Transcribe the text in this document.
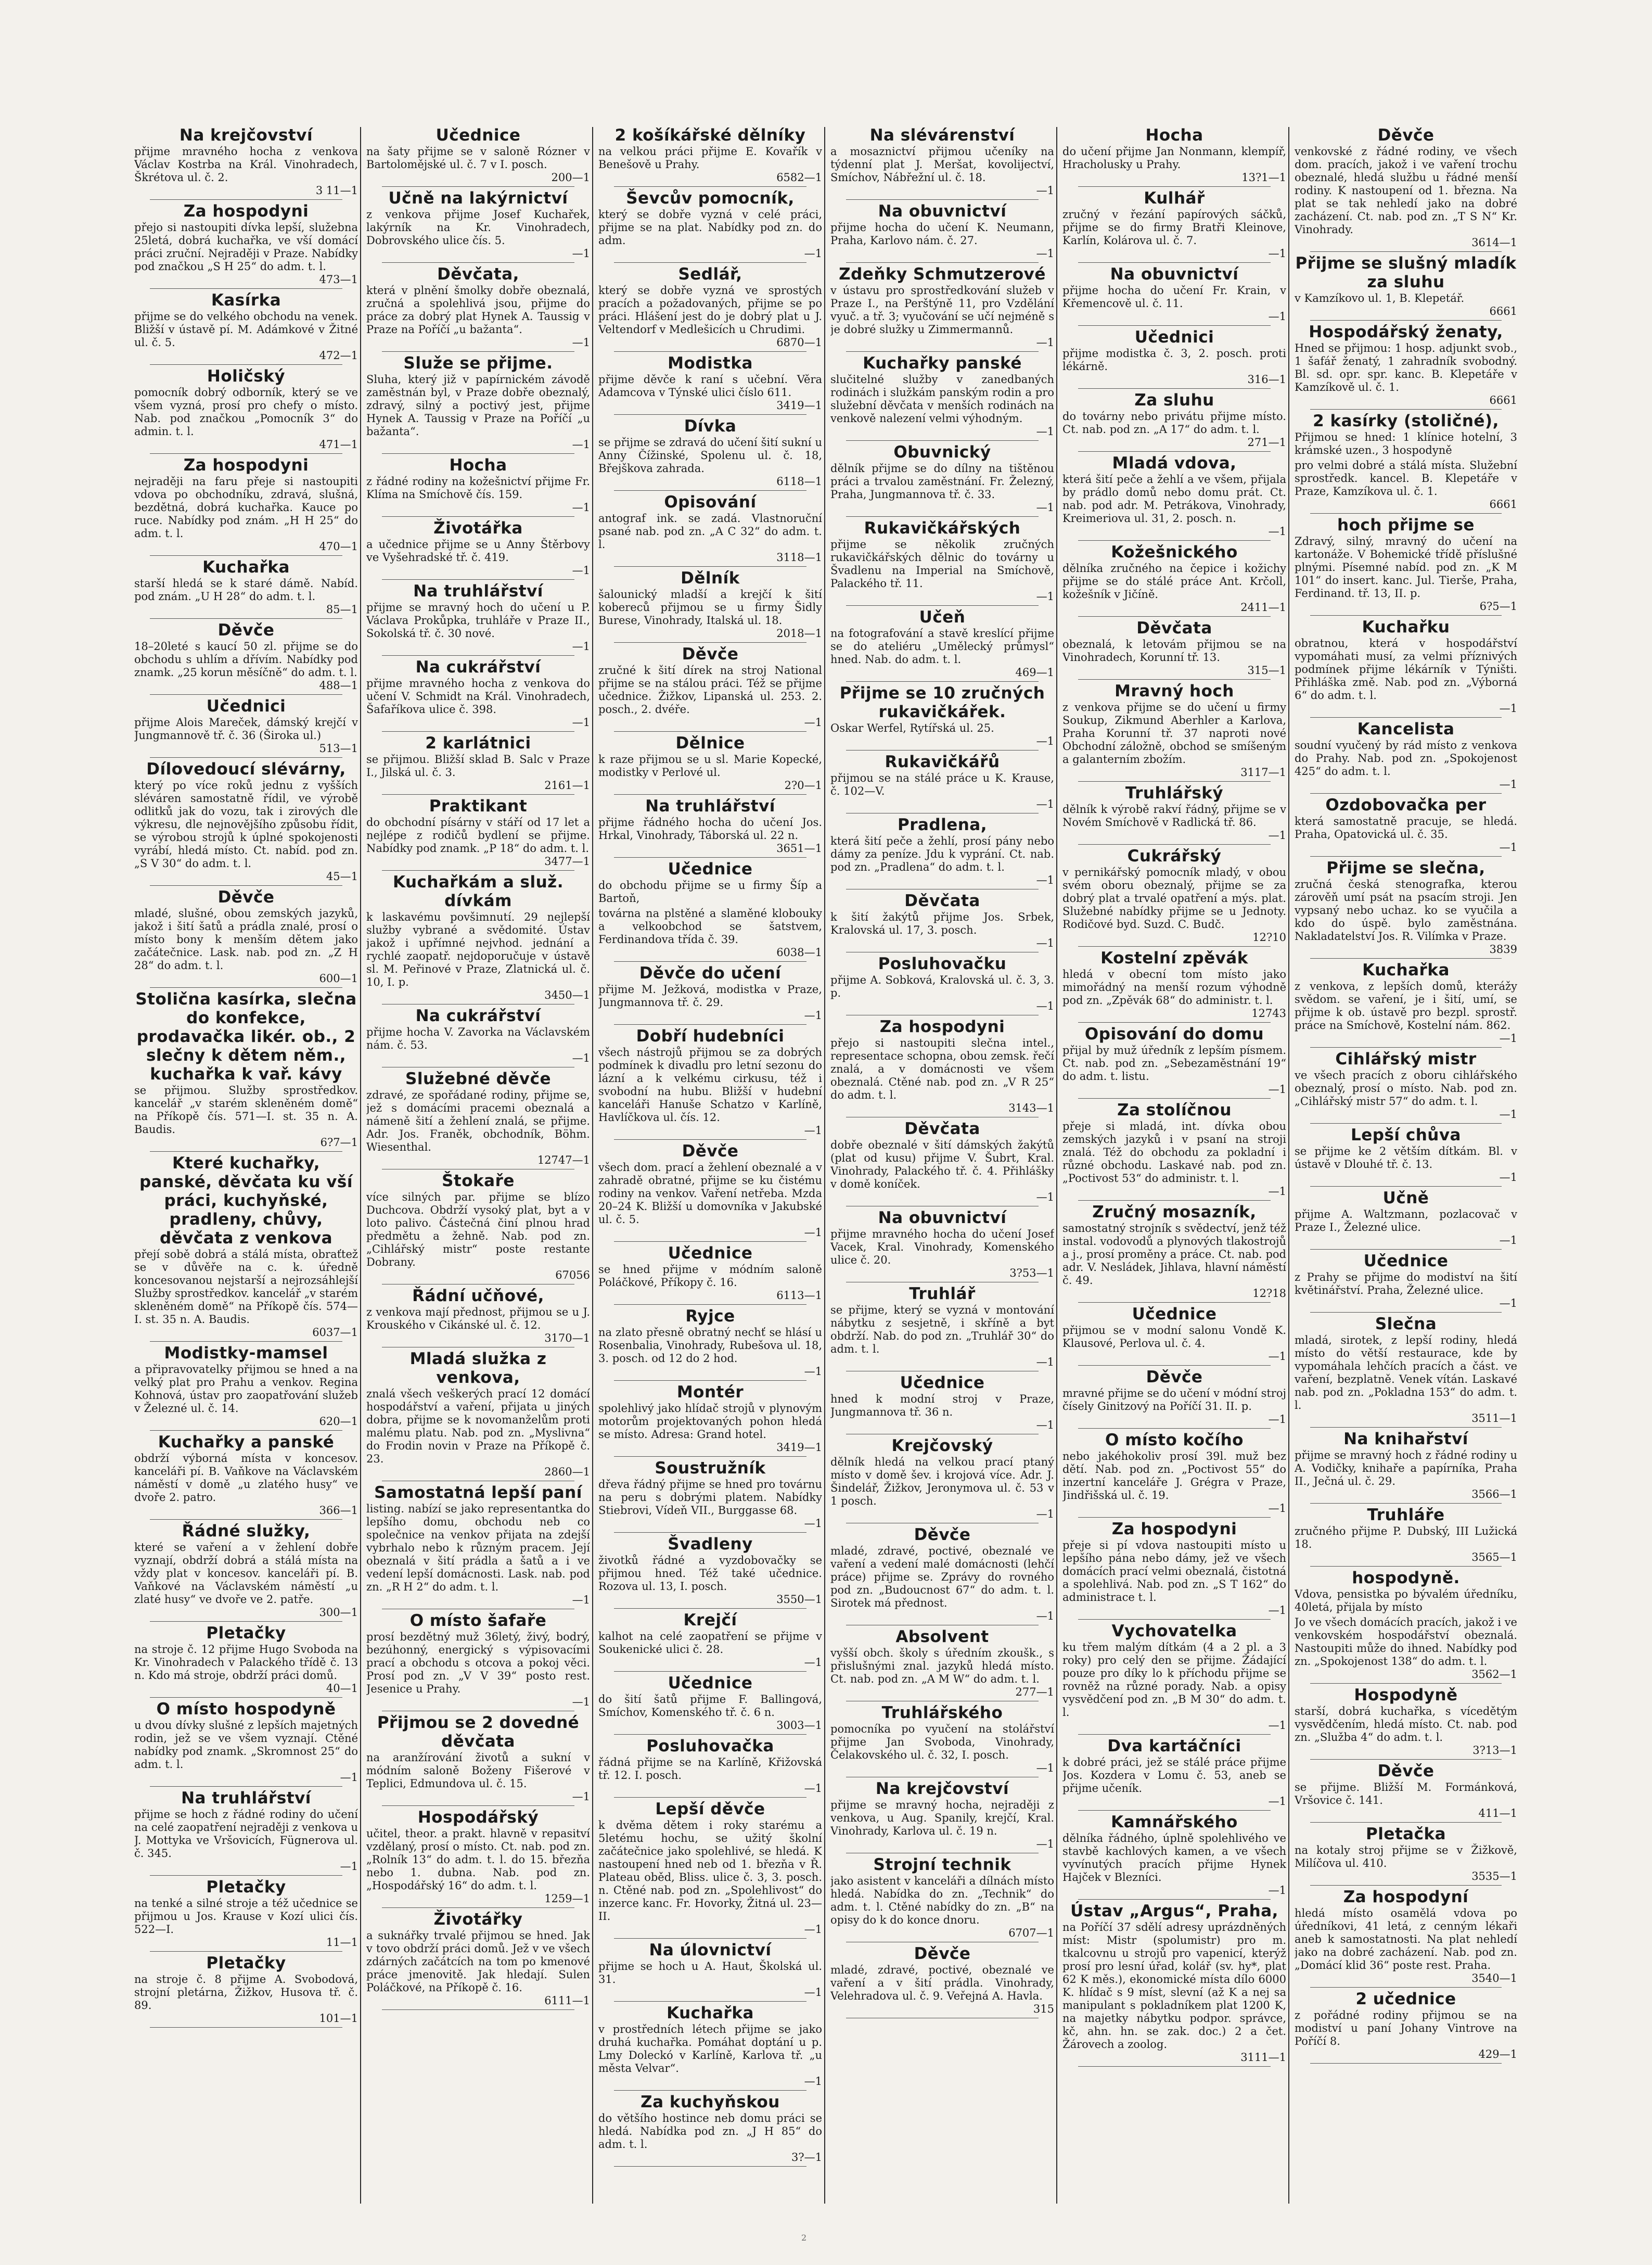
Na krejčovství
přijme mravného hocha z venkova Václav Kostrba na Král. Vinohradech, Škrétova ul. č. 2.
3 11—1
Za hospodyni
přejo si nastoupiti dívka lepší, služebna 25letá, dobrá kuchařka, ve vší domácí práci zruční. Nejraději v Praze. Nabídky pod značkou „S H 25“ do adm. t. l.
473—1
Kasírka
přijme se do velkého obchodu na venek. Bližší v ústavě pí. M. Adámkové v Žitné ul. č. 5.
472—1
Holičský
pomocník dobrý odborník, který se ve všem vyzná, prosí pro chefy o místo. Nab. pod značkou „Pomocník 3“ do admin. t. l.
471—1
Za hospodyni
nejraději na faru přeje si nastoupiti vdova po obchodníku, zdravá, slušná, bezdětná, dobrá kuchařka. Kauce po ruce. Nabídky pod znám. „H H 25“ do adm. t. l.
470—1
Kuchařka
starší hledá se k staré dámě. Nabíd. pod znám. „U H 28“ do adm. t. l.
85—1
Děvče
18–20leté s kaucí 50 zl. přijme se do obchodu s uhlím a dřívím. Nabídky pod znamk. „25 korun měsíčně“ do adm. t. l.
488—1
Učednici
přijme Alois Mareček, dámský krejčí v Jungmannově tř. č. 36 (Široka ul.)
513—1
Dílovedoucí slévárny,
který po více roků jednu z vyšších sléváren samostatně řídil, ve výrobě odlitků jak do vozu, tak i zirových dle výkresu, dle nejnovějšího způsobu řídit, se výrobou strojů k úplné spokojenosti vyrábí, hledá místo. Ct. nabíd. pod zn. „S V 30“ do adm. t. l.
45—1
Děvče
mladé, slušné, obou zemských jazyků, jakož i šití šatů a prádla znalé, prosí o místo bony k menším dětem jako začátečnice. Lask. nab. pod zn. „Z H 28“ do adm. t. l.
600—1
Stolična kasírka, slečna do konfekce, prodavačka likér. ob., 2 slečny k dětem něm., kuchařka k vař. kávy
se přijmou. Služby sprostředkov. kancelář „v starém skleněném domě“ na Příkopě čís. 571—I. st. 35 n. A. Baudis.
6?7—1
Které kuchařky, panské, děvčata ku vší práci, kuchyňské, pradleny, chůvy, děvčata z venkova
přejí sobě dobrá a stálá místa, obraťtež se v důvěře na c. k. úředně koncesovanou nejstarší a nejrozsáhlejší Služby sprostředkov. kancelář „v starém skleněném domě“ na Příkopě čís. 574—I. st. 35 n. A. Baudis.
6037—1
Modistky-mamsel
a připravovatelky přijmou se hned a na velký plat pro Prahu a venkov. Regina Kohnová, ústav pro zaopatřování služeb v Železné ul. č. 14.
620—1
Kuchařky a panské
obdrží výborná místa v koncesov. kanceláři pí. B. Vaňkove na Václavském náměstí v domě „u zlatého husy“ ve dvoře 2. patro.
366—1
Řádné služky,
které se vaření a v žehlení dobře vyznají, obdrží dobrá a stálá místa na vždy plat v koncesov. kanceláři pí. B. Vaňkové na Václavském náměstí „u zlaté husy“ ve dvoře ve 2. patře.
300—1
Pletačky
na stroje č. 12 přijme Hugo Svoboda na Kr. Vinohradech v Palackého třídě č. 13 n. Kdo má stroje, obdrží práci domů.
40—1
O místo hospodyně
u dvou dívky slušné z lepších majetných rodin, jež se ve všem vyznají. Ctěné nabídky pod znamk. „Skromnost 25“ do adm. t. l.
—1
Na truhlářství
přijme se hoch z řádné rodiny do učení na celé zaopatření nejraději z venkova u J. Mottyka ve Vršovicích, Fügnerova ul. č. 345.
—1
Pletačky
na tenké a silné stroje a též učednice se přijmou u Jos. Krause v Kozí ulici čís. 522—I.
11—1
Pletačky
na stroje č. 8 přijme A. Svobodová, strojní pletárna, Žižkov, Husova tř. č. 89.
101—1
Učednice
na šaty přijme se v saloně Rózner v Bartolomějské ul. č. 7 v I. posch.
200—1
Učně na lakýrnictví
z venkova přijme Josef Kuchařek, lakýrník na Kr. Vinohradech, Dobrovského ulice čís. 5.
—1
Děvčata,
která v plnění šmolky dobře obeznalá, zručná a spolehlivá jsou, přijme do práce za dobrý plat Hynek A. Taussig v Praze na Poříčí „u bažanta“.
—1
Služe se přijme.
Sluha, který již v papírnickém závodě zaměstnán byl, v Praze dobře obeznalý, zdravý, silný a poctivý jest, přijme Hynek A. Taussig v Praze na Poříčí „u bažanta“.
—1
Hocha
z řádné rodiny na kožešnictví přijme Fr. Klíma na Smíchově čís. 159.
—1
Životářka
a učednice přijme se u Anny Štěrbovy ve Vyšehradské tř. č. 419.
—1
Na truhlářství
přijme se mravný hoch do učení u P. Václava Prokůpka, truhláře v Praze II., Sokolská tř. č. 30 nové.
—1
Na cukrářství
přijme mravného hocha z venkova do učení V. Schmidt na Král. Vinohradech, Šafaříkova ulice č. 398.
—1
2 karlátnici
se přijmou. Bližší sklad B. Salc v Praze I., Jilská ul. č. 3.
2161—1
Praktikant
do obchodní písárny v stáří od 17 let a nejlépe z rodičů bydlení se přijme. Nabídky pod znamk. „P 18“ do adm. t. l.
3477—1
Kuchařkám a služ. dívkám
k laskavému povšimnutí. 29 nejlepší služby vybrané a svědomité. Ústav jakož i upřímné nejvhod. jednání a rychlé zaopatř. nejdoporučuje v ústavě sl. M. Peřinové v Praze, Zlatnická ul. č. 10, I. p.
3450—1
Na cukrářství
přijme hocha V. Zavorka na Václavském nám. č. 53.
—1
Služebné děvče
zdravé, ze spořádané rodiny, přijme se, jež s domácími pracemi obeznalá a námeně šití a žehlení znalá, se přijme. Adr. Jos. Franěk, obchodník, Böhm. Wiesenthal.
12747—1
Štokaře
více silných par. přijme se blízo Duchcova. Obdrží vysoký plat, byt a v loto palivo. Částečná činí plnou hrad předmětu a žehně. Nab. pod zn. „Cihlářský mistr“ poste restante Dobrany.
67056
Řádní učňové,
z venkova mají přednost, přijmou se u J. Krouského v Cikánské ul. č. 12.
3170—1
Mladá služka z venkova,
znalá všech veškerých prací 12 domácí hospodářství a vaření, přijata u jiných dobra, přijme se k novomanželům proti malému platu. Nab. pod zn. „Myslivna“ do Frodin novin v Praze na Příkopě č. 23.
2860—1
Samostatná lepší paní
listing. nabízí se jako representantka do lepšího domu, obchodu neb co společnice na venkov přijata na zdejší vybrhalo nebo k různým pracem. Její obeznalá v šití prádla a šatů a i ve vedení lepší domácnosti. Lask. nab. pod zn. „R H 2“ do adm. t. l.
—1
O místo šafaře
prosí bezdětný muž 36letý, živý, bodrý, bezúhonný, energický s výpisovacími prací a obchodu s otcova a pokoj věci. Prosí pod zn. „V V 39“ posto rest. Jesenice u Prahy.
—1
Přijmou se 2 dovedné děvčata
na aranžírování životů a sukní v módním saloně Boženy Fišerové v Teplici, Edmundova ul. č. 15.
—1
Hospodářský
učitel, theor. a prakt. hlavně v repasitví vzdělaný, prosí o místo. Ct. nab. pod zn. „Rolník 13“ do adm. t. l. do 15. březňa nebo 1. dubna. Nab. pod zn. „Hospodářský 16“ do adm. t. l.
1259—1
Životářky
a suknářky trvalé přijmou se hned. Jak v tovo obdrží práci domů. Jež v ve všech zdárných začátcích na tom po kmenové práce jmenovitě. Jak hledají. Sulen Poláčkové, na Příkopě č. 16.
6111—1
2 košíkářské dělníky
na velkou práci přijme E. Kovařík v Benešově u Prahy.
6582—1
Ševcův pomocník,
který se dobře vyzná v celé práci, přijme se na plat. Nabídky pod zn. do adm.
—1
Sedlář,
který se dobře vyzná ve sprostých pracích a požadovaných, přijme se po práci. Hlášení jest do je dobrý plat u J. Veltendorf v Medlešicích u Chrudimi.
6870—1
Modistka
přijme děvče k raní s učební. Věra Adamcova v Týnské ulici číslo 611.
3419—1
Dívka
se přijme se zdravá do učení šití sukní u Anny Čížinské, Spolenu ul. č. 18, Břejškova zahrada.
6118—1
Opisování
antograf ink. se zadá. Vlastnoruční psané nab. pod zn. „A C 32“ do adm. t. l.
3118—1
Dělník
šalounický mladší a krejčí k šití kobereců přijmou se u firmy Šidly Burese, Vinohrady, Italská ul. 18.
2018—1
Děvče
zručné k šití dírek na stroj National přijme se na stálou práci. Též se přijme učednice. Žižkov, Lipanská ul. 253. 2. posch., 2. dvéře.
—1
Dělnice
k raze přijmou se u sl. Marie Kopecké, modistky v Perlové ul.
2?0—1
Na truhlářství
přijme řádného hocha do učení Jos. Hrkal, Vinohrady, Táborská ul. 22 n.
3651—1
Učednice
do obchodu přijme se u firmy Šíp a Bartoň,
továrna na plstěné a slaměné klobouky a velkoobchod se šatstvem, Ferdinandova třída č. 39.
6038—1
Děvče do učení
přijme M. Ježková, modistka v Praze, Jungmannova tř. č. 29.
—1
Dobří hudebníci
všech nástrojů přijmou se za dobrých podmínek k divadlu pro letní sezonu do lázní a k velkému cirkusu, též i svobodní na hubu. Bližší v hudební kanceláři Hanuše Schatzo v Karlíně, Havlíčkova ul. čís. 12.
—1
Děvče
všech dom. prací a žehlení obeznalé a v zahradě obratné, přijme se ku čistému rodiny na venkov. Vaření netřeba. Mzda 20–24 K. Bližší u domovníka v Jakubské ul. č. 5.
—1
Učednice
se hned přijme v módním saloně Poláčkové, Příkopy č. 16.
6113—1
Ryjce
na zlato přesně obratný nechť se hlásí u Rosenbalia, Vinohrady, Rubešova ul. 18, 3. posch. od 12 do 2 hod.
—1
Montér
spolehlivý jako hlídač strojů v plynovým motorům projektovaných pohon hledá se místo. Adresa: Grand hotel.
3419—1
Soustružník
dřeva řádný přijme se hned pro továrnu na peru s dobrými platem. Nabídky Stiebrovi, Vídeň VII., Burggasse 68.
—1
Švadleny
životků řádné a vyzdobovačky se přijmou hned. Též také učednice. Rozova ul. 13, I. posch.
3550—1
Krejčí
kalhot na celé zaopatření se přijme v Soukenické ulici č. 28.
—1
Učednice
do šití šatů přijme F. Ballingová, Smíchov, Komenského tř. č. 6 n.
3003—1
Posluhovačka
řádná přijme se na Karlíně, Křižovská tř. 12. I. posch.
—1
Lepší děvče
k dvěma dětem i roky starému a 5letému hochu, se užitý školní začátečnice jako spolehlivé, se hledá. K nastoupení hned neb od 1. březňa v Ř. Plateau oběd, Bliss. ulice č. 3, 3. posch. n. Ctěné nab. pod zn. „Spolehlivost“ do inzerce kanc. Fr. Hovorky, Žitná ul. 23—II.
—1
Na úlovnictví
přijme se hoch u A. Haut, Školská ul. 31.
—1
Kuchařka
v prostředních létech přijme se jako druhá kuchařka. Pomáhat doptání u p. Lmy Doleckó v Karlíně, Karlova tř. „u města Velvar“.
—1
Za kuchyňskou
do většího hostince neb domu práci se hledá. Nabídka pod zn. „J H 85“ do adm. t. l.
3?—1
Na slévárenství
a mosaznictví přijmou učeníky na týdenní plat J. Meršat, kovolijectví, Smíchov, Nábřežní ul. č. 18.
—1
Na obuvnictví
přijme hocha do učení K. Neumann, Praha, Karlovo nám. č. 27.
—1
Zdeňky Schmutzerové
v ústavu pro sprostředkování služeb v Praze I., na Perštýně 11, pro Vzdělání vyuč. a tř. 3; vyučování se učí nejméně s je dobré služky u Zimmermannů.
—1
Kuchařky panské
slučitelné služby v zanedbaných rodinách i služkám panským rodin a pro služební děvčata v menších rodinách na venkově nalezení velmi výhodným.
—1
Obuvnický
dělník přijme se do dílny na tištěnou práci a trvalou zaměstnání. Fr. Železný, Praha, Jungmannova tř. č. 33.
—1
Rukavičkářských
přijme se několik zručných rukavičkářských dělnic do továrny u Švadlenu na Imperial na Smíchově, Palackého tř. 11.
—1
Učeň
na fotografování a stavě kreslící přijme se do ateliéru „Umělecký průmysl“ hned. Nab. do adm. t. l.
469—1
Přijme se 10 zručných rukavičkářek.
Oskar Werfel, Rytířská ul. 25.
—1
Rukavičkářů
přijmou se na stálé práce u K. Krause, č. 102—V.
—1
Pradlena,
která šití peče a žehlí, prosí pány nebo dámy za peníze. Jdu k vyprání. Ct. nab. pod zn. „Pradlena“ do adm. t. l.
—1
Děvčata
k šití žakýtů přijme Jos. Srbek, Kralovská ul. 17, 3. posch.
—1
Posluhovačku
přijme A. Sobková, Kralovská ul. č. 3, 3. p.
—1
Za hospodyni
přejo si nastoupiti slečna intel., representace schopna, obou zemsk. řečí znalá, a v domácnosti ve všem obeznalá. Ctěné nab. pod zn. „V R 25“ do adm. t. l.
3143—1
Děvčata
dobře obeznalé v šití dámských žakýtů (plat od kusu) přijme V. Šubrt, Kral. Vinohrady, Palackého tř. č. 4. Přihlášky v domě koníček.
—1
Na obuvnictví
přijme mravného hocha do učení Josef Vacek, Kral. Vinohrady, Komenského ulice č. 20.
3?53—1
Truhlář
se přijme, který se vyzná v montování nábytku z sesjetně, i skříně a byt obdrží. Nab. do pod zn. „Truhlář 30“ do adm. t. l.
—1
Učednice
hned k modní stroj v Praze, Jungmannova tř. 36 n.
—1
Krejčovský
dělník hledá na velkou prací ptaný místo v domě šev. i krojová více. Adr. J. Šindelář, Žižkov, Jeronymova ul. č. 53 v 1 posch.
—1
Děvče
mladé, zdravé, poctivé, obeznalé ve vaření a vedení malé domácnosti (lehčí práce) přijme se. Zprávy do rovného pod zn. „Budoucnost 67“ do adm. t. l. Sirotek má přednost.
—1
Absolvent
vyšší obch. školy s úředním zkoušk., s přislušnými znal. jazyků hledá místo. Ct. nab. pod zn. „A M W“ do adm. t. l.
277—1
Truhlářského
pomocníka po vyučení na stolářství přijme Jan Svoboda, Vinohrady, Čelakovského ul. č. 32, I. posch.
—1
Na krejčovství
přijme se mravný hocha, nejraději z venkova, u Aug. Spanily, krejčí, Kral. Vinohrady, Karlova ul. č. 19 n.
—1
Strojní technik
jako asistent v kanceláři a dílnách místo hledá. Nabídka do zn. „Technik“ do adm. t. l. Ctěné nabídky do zn. „B“ na opisy do k do konce dnoru.
6707—1
Děvče
mladé, zdravé, poctivé, obeznalé ve vaření a v šití prádla. Vinohrady, Velehradova ul. č. 9. Veřejná A. Havla.
315
Hocha
do učení přijme Jan Nonmann, klempíř, Hracholusky u Prahy.
13?1—1
Kulhář
zručný v řezání papírových sáčků, přijme se do firmy Bratři Kleinove, Karlín, Kolárova ul. č. 7.
—1
Na obuvnictví
přijme hocha do učení Fr. Krain, v Křemencově ul. č. 11.
—1
Učednici
přijme modistka č. 3, 2. posch. proti lékárně.
316—1
Za sluhu
do továrny nebo privátu přijme místo. Ct. nab. pod zn. „A 17“ do adm. t. l.
271—1
Mladá vdova,
která šití peče a žehlí a ve všem, přijala by prádlo domů nebo domu prát. Ct. nab. pod adr. M. Petrákova, Vinohrady, Kreimeriova ul. 31, 2. posch. n.
—1
Kožešnického
dělníka zručného na čepice i kožichy přijme se do stálé práce Ant. Krčoll, kožešník v Jičíně.
2411—1
Děvčata
obeznalá, k letovám přijmou se na Vinohradech, Korunní tř. 13.
315—1
Mravný hoch
z venkova přijme se do učení u firmy Soukup, Zikmund Aberhler a Karlova, Praha Korunní tř. 37 naproti nové Obchodní záložně, obchod se smíšeným a galanterním zbožím.
3117—1
Truhlářský
dělník k výrobě rakví řádný, přijme se v Novém Smíchově v Radlická tř. 86.
—1
Cukrářský
v pernikářský pomocník mladý, v obou svém oboru obeznalý, přijme se za dobrý plat a trvalé opatření a mýs. plat. Služebné nabídky přijme se u Jednoty. Rodičové byd. Suzd. C. Budč.
12?10
Kostelní zpěvák
hledá v obecní tom místo jako mimořádný na menší rozum výhodně pod zn. „Zpěvák 68“ do administr. t. l.
12743
Opisování do domu
přijal by muž úředník z lepším písmem. Ct. nab. pod zn. „Sebezaměstnání 19“ do adm. t. listu.
—1
Za stolíčnou
přeje si mladá, int. dívka obou zemských jazyků i v psaní na stroji znalá. Též do obchodu za pokladní i různé obchodu. Laskavé nab. pod zn. „Poctivost 53“ do administr. t. l.
—1
Zručný mosazník,
samostatný strojník s svědectví, jenž též instal. vodovodů a plynových tlakostrojů a j., prosí proměny a práce. Ct. nab. pod adr. V. Nesládek, Jihlava, hlavní náměstí č. 49.
12?18
Učednice
přijmou se v modní salonu Vondě K. Klausové, Perlova ul. č. 4.
—1
Děvče
mravné přijme se do učení v módní stroj čísely Ginitzový na Poříčí 31. II. p.
—1
O místo kočího
nebo jakéhokoliv prosí 39l. muž bez dětí. Nab. pod zn. „Poctivost 55“ do inzertní kanceláře J. Grégra v Praze, Jindřišská ul. č. 19.
—1
Za hospodyni
přeje si pí vdova nastoupiti místo u lepšího pána nebo dámy, jež ve všech domácích prací velmi obeznalá, čistotná a spolehlivá. Nab. pod zn. „S T 162“ do administrace t. l.
—1
Vychovatelka
ku třem malým dítkám (4 a 2 pl. a 3 roky) pro celý den se přijme. Žádající pouze pro díky lo k příchodu přijme se rovněž na různé porady. Nab. a opisy vysvědčení pod zn. „B M 30“ do adm. t. l.
—1
Dva kartáčníci
k dobré práci, jež se stálé práce přijme Jos. Kozdera v Lomu č. 53, aneb se přijme učeník.
—1
Kamnářského
dělníka řádného, úplně spolehlivého ve stavbě kachlových kamen, a ve všech vyvínutých pracích přijme Hynek Hajček v Blezníci.
—1
Ústav „Argus“, Praha,
na Poříčí 37 sdělí adresy uprázdněných míst: Mistr (spolumistr) pro m. tkalcovnu u strojů pro vapenicí, kterýž prosí pro lesní úřad, kolář (sv. hy*, plat 62 K měs.), ekonomické místa dílo 6000 K. hlídač s 9 míst, slevní (až K a nej sa manipulant s pokladníkem plat 1200 K, na majetky nábytku podpor. správce, kč, ahn. hn. se zak. doc.) 2 a čet. Žárovech a zoolog.
3111—1
Děvče
venkovské z řádné rodiny, ve všech dom. pracích, jakož i ve vaření trochu obeznalé, hledá službu u řádné menší rodiny. K nastoupení od 1. března. Na plat se tak nehledí jako na dobré zacházení. Ct. nab. pod zn. „T S N“ Kr. Vinohrady.
3614—1
Přijme se slušný mladík za sluhu
v Kamzíkovo ul. 1, B. Klepetář.
6661
Hospodářský ženaty,
Hned se přijmou: 1 hosp. adjunkt svob., 1 šafář ženatý, 1 zahradník svobodný. Bl. sd. opr. spr. kanc. B. Klepetáře v Kamzíkově ul. č. 1.
6661
2 kasírky (stoličné),
Přijmou se hned: 1 klínice hotelní, 3 krámské uzen., 3 hospodyně
pro velmi dobré a stálá místa. Služební sprostředk. kancel. B. Klepetáře v Praze, Kamzíkova ul. č. 1.
6661
hoch přijme se
Zdravý, silný, mravný do učení na kartonáže. V Bohemické třídě příslušné plnými. Písemné nabíd. pod zn. „K M 101“ do insert. kanc. Jul. Tierše, Praha, Ferdinand. tř. 13, II. p.
6?5—1
Kuchařku
obratnou, která v hospodářství vypomáhati musí, za velmi příznivých podmínek přijme lékárník v Týništi. Přihláška změ. Nab. pod zn. „Výborná 6“ do adm. t. l.
—1
Kancelista
soudní vyučený by rád místo z venkova do Prahy. Nab. pod zn. „Spokojenost 425“ do adm. t. l.
—1
Ozdobovačka per
která samostatně pracuje, se hledá. Praha, Opatovická ul. č. 35.
—1
Přijme se slečna,
zručná česká stenografka, kterou zárověň umí psát na psacím stroji. Jen vypsaný nebo uchaz. ko se vyučila a kdo do úspě. bylo zaměstnána. Nakladatelství Jos. R. Vilímka v Praze.
3839
Kuchařka
z venkova, z lepších domů, kterážy svědom. se vaření, je i šití, umí, se přijme k ob. ústavě pro bezpl. sprostř. práce na Smíchově, Kostelní nám. 862.
—1
Cihlářský mistr
ve všech pracích z oboru cihlářského obeznalý, prosí o místo. Nab. pod zn. „Cihlářský mistr 57“ do adm. t. l.
—1
Lepší chůva
se přijme ke 2 větším dítkám. Bl. v ústavě v Dlouhé tř. č. 13.
—1
Učně
přijme A. Waltzmann, pozlacovač v Praze I., Železné ulice.
—1
Učednice
z Prahy se přijme do modiství na šití květinářství. Praha, Železné ulice.
—1
Slečna
mladá, sirotek, z lepší rodiny, hledá místo do větší restaurace, kde by vypomáhala lehčích pracích a část. ve vaření, bezplatně. Venek vítán. Laskavé nab. pod zn. „Pokladna 153“ do adm. t. l.
3511—1
Na knihařství
přijme se mravný hoch z řádné rodiny u A. Vodičky, knihaře a papírníka, Praha II., Ječná ul. č. 29.
3566—1
Truhláře
zručného přijme P. Dubský, III Lužická 18.
3565—1
hospodyně.
Vdova, pensistka po bývalém úředníku, 40letá, přijala by místo
Jo ve všech domácích pracích, jakož i ve venkovském hospodářství obeznalá. Nastoupiti může do ihned. Nabídky pod zn. „Spokojenost 138“ do adm. t. l.
3562—1
Hospodyně
starší, dobrá kuchařka, s vícedětým vysvědčením, hledá místo. Ct. nab. pod zn. „Služba 4“ do adm. t. l.
3?13—1
Děvče
se přijme. Bližší M. Formánková, Vršovice č. 141.
411—1
Pletačka
na kotaly stroj přijme se v Žižkově, Milíčova ul. 410.
3535—1
Za hospodyní
hledá místo osamělá vdova po úředníkovi, 41 letá, z cenným lékaři aneb k samostatnosti. Na plat nehledí jako na dobré zacházení. Nab. pod zn. „Domácí klid 36“ poste rest. Praha.
3540—1
2 učednice
z pořádné rodiny přijmou se na modiství u paní Johany Vintrove na Poříčí 8.
429—1
2
